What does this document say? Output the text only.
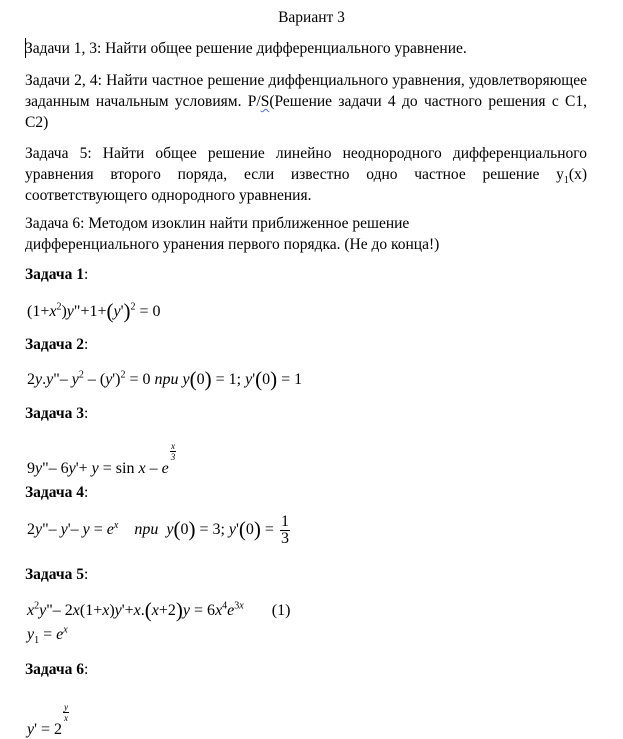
Вариант 3
Задачи 1, 3: Найти общее решение дифференциального уравнение.
Задачи 2, 4: Найти частное решение диффенциального уравнения, удовлетворяющее заданным начальным условиям. Р/S(Решение задачи 4 до частного решения с С1, С2)
Задача 5: Найти общее решение линейно неоднородного дифференциального уравнения второго поряда, если известно одно частное решение $y_1(x)$ соответствующего однородного уравнения.
Задача 6: Методом изоклин найти приближенное решение
дифференциального уранения первого порядка. (Не до конца!)
Задача 1:
$(1+x^2)y"+1+(y')^2 = 0$
Задача 2:
2y.y"– $y^2 - (y')^2 = 0$ при y(0) = 1; y'(0) = 1
Задача 3:
9y"– 6y'+ y = sin x – e
$\frac{x}{3}$
Задача 4:
2y"– y'– $y = e^x$ при y(0) = 3; $y'(0) = \frac{1}{3}$
Задача 5:
$x^2y"-$ $2x(1+x)y'+x.(x+2)y = 6x^4e^{3x}$ (1)
$y_1 = e^x$
Задача 6:
y' = 2
$\frac{y}{x}$
